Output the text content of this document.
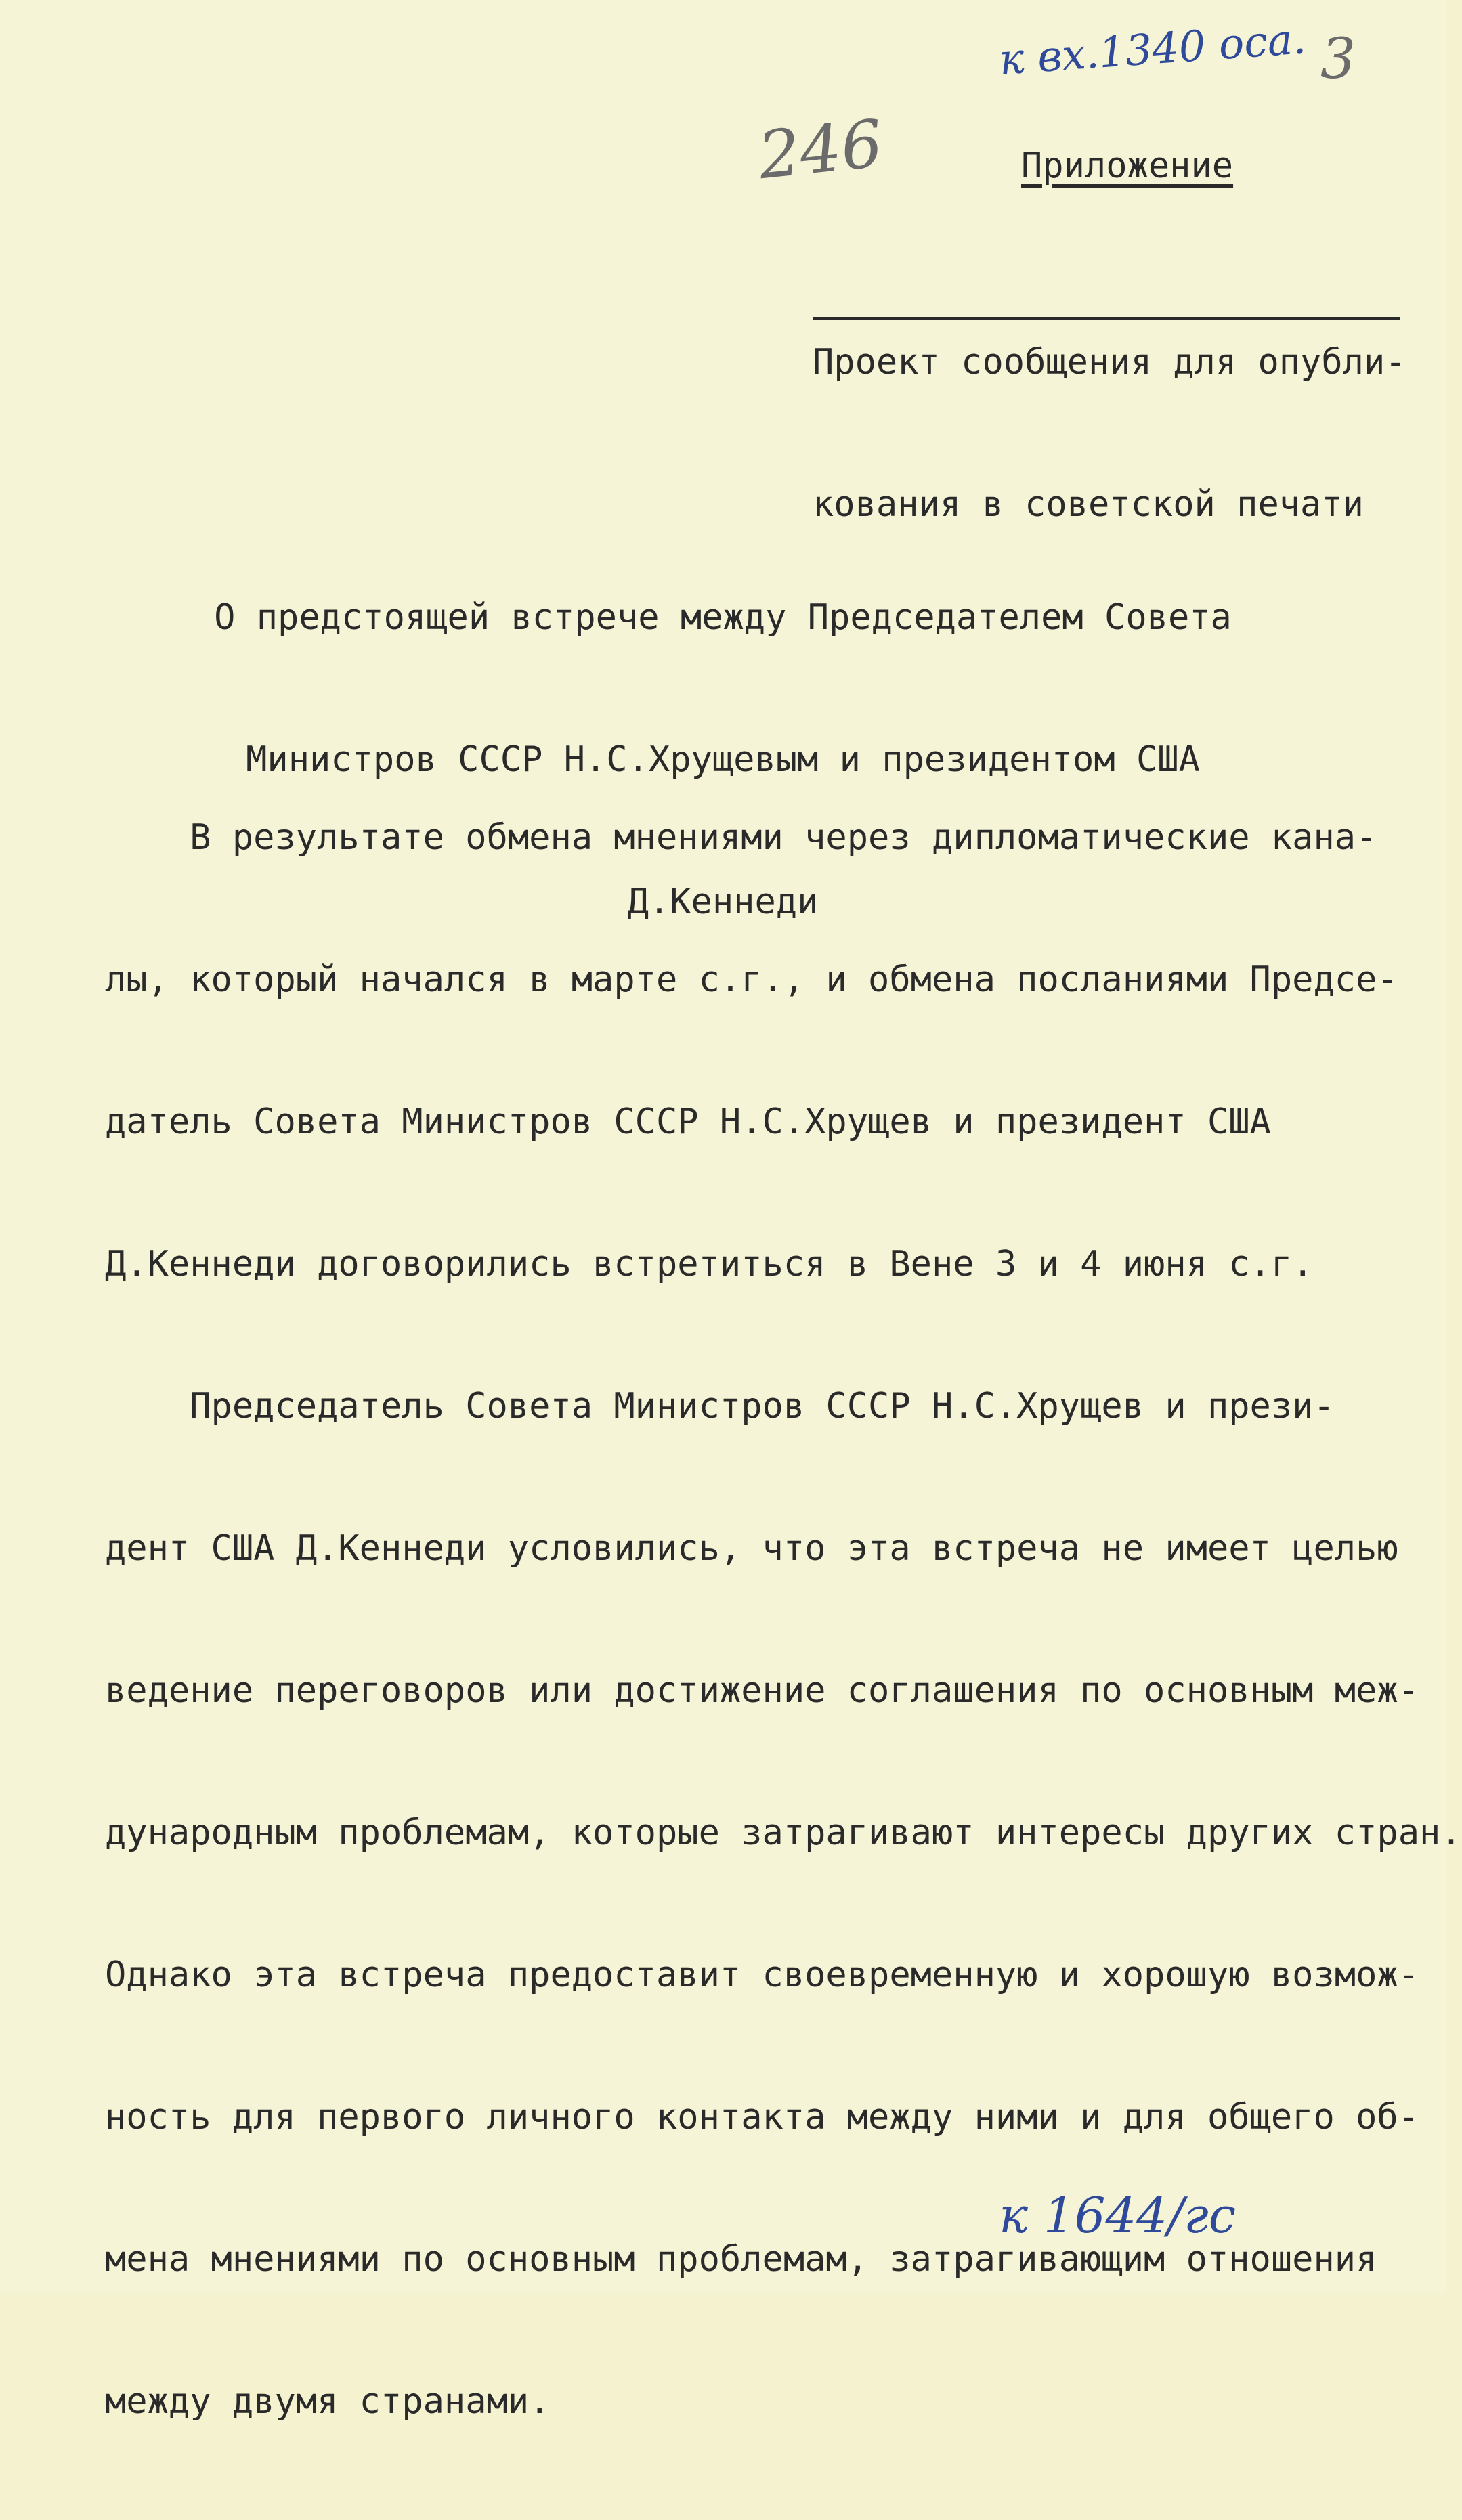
к вх.1340 оса. 3
246	Приложение

Проект сообщения для опубли-

кования в советской печати

О предстоящей встрече между Председателем Совета

Министров СССР Н.С.Хрущевым и президентом США

Д.Кеннеди

В результате обмена мнениями через дипломатические кана-

лы, который начался в марте с.г., и обмена посланиями Предсе-

датель Совета Министров СССР Н.С.Хрущев и президент США

Д.Кеннеди договорились встретиться в Вене 3 и 4 июня с.г.

Председатель Совета Министров СССР Н.С.Хрущев и прези-

дент США Д.Кеннеди условились, что эта встреча не имеет целью

ведение переговоров или достижение соглашения по основным меж-

дународным проблемам, которые затрагивают интересы других стран.

Однако эта встреча предоставит своевременную и хорошую возмож-

ность для первого личного контакта между ними и для общего об-

мена мнениями по основным проблемам, затрагивающим отношения

между двумя странами.

к 1644/гс
